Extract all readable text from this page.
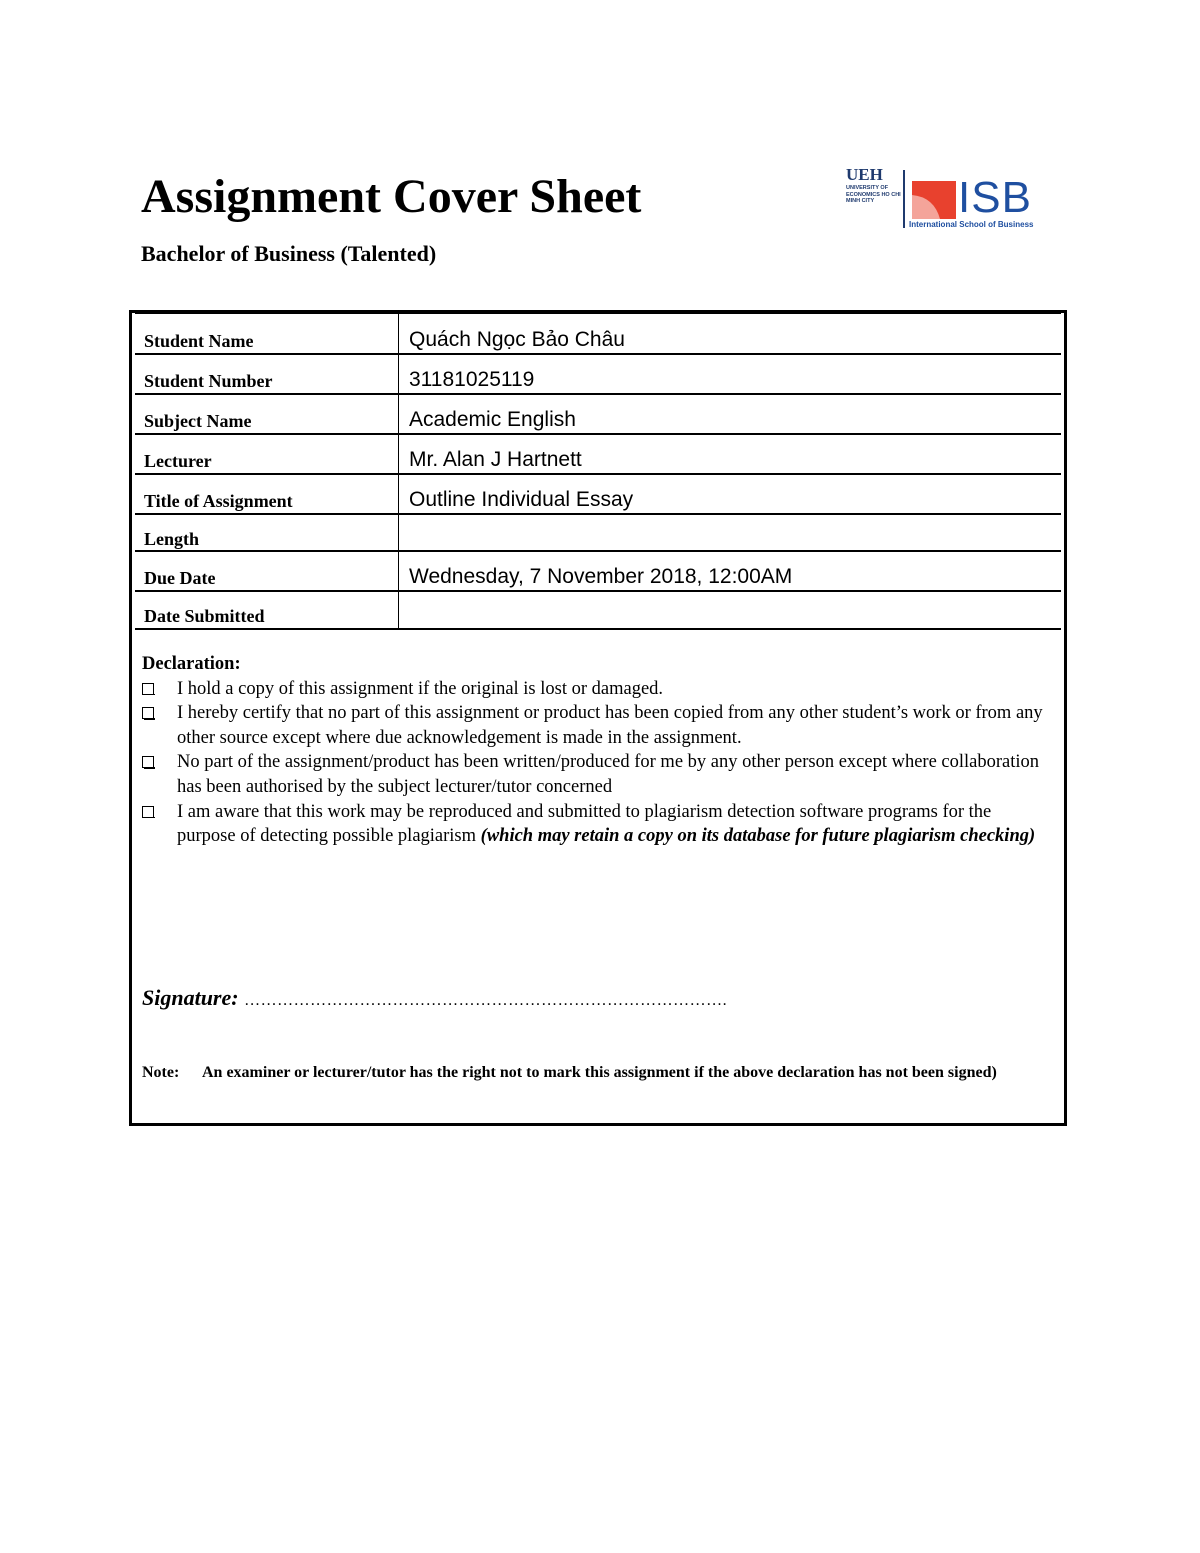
Assignment Cover Sheet
Bachelor of Business (Talented)
UEH
UNIVERSITY OF ECONOMICS HO CHI MINH CITY	ISB
International School of Business
Student Name	Quách Ngọc Bảo Châu
Student Number	31181025119
Subject Name	Academic English
Lecturer	Mr. Alan J Hartnett
Title of Assignment	Outline Individual Essay
Length
Due Date	Wednesday, 7 November 2018, 12:00AM
Date Submitted

Declaration:

I hold a copy of this assignment if the original is lost or damaged.

I hereby certify that no part of this assignment or product has been copied from any other student’s work or from any other source except where due acknowledgement is made in the assignment.

No part of the assignment/product has been written/produced for me by any other person except where collaboration has been authorised by the subject lecturer/tutor concerned

I am aware that this work may be reproduced and submitted to plagiarism detection software programs for the purpose of detecting possible plagiarism (which may retain a copy on its database for future plagiarism checking)

Signature: …………………………………………………………………………….
Note: An examiner or lecturer/tutor has the right not to mark this assignment if the above declaration has not been signed)
